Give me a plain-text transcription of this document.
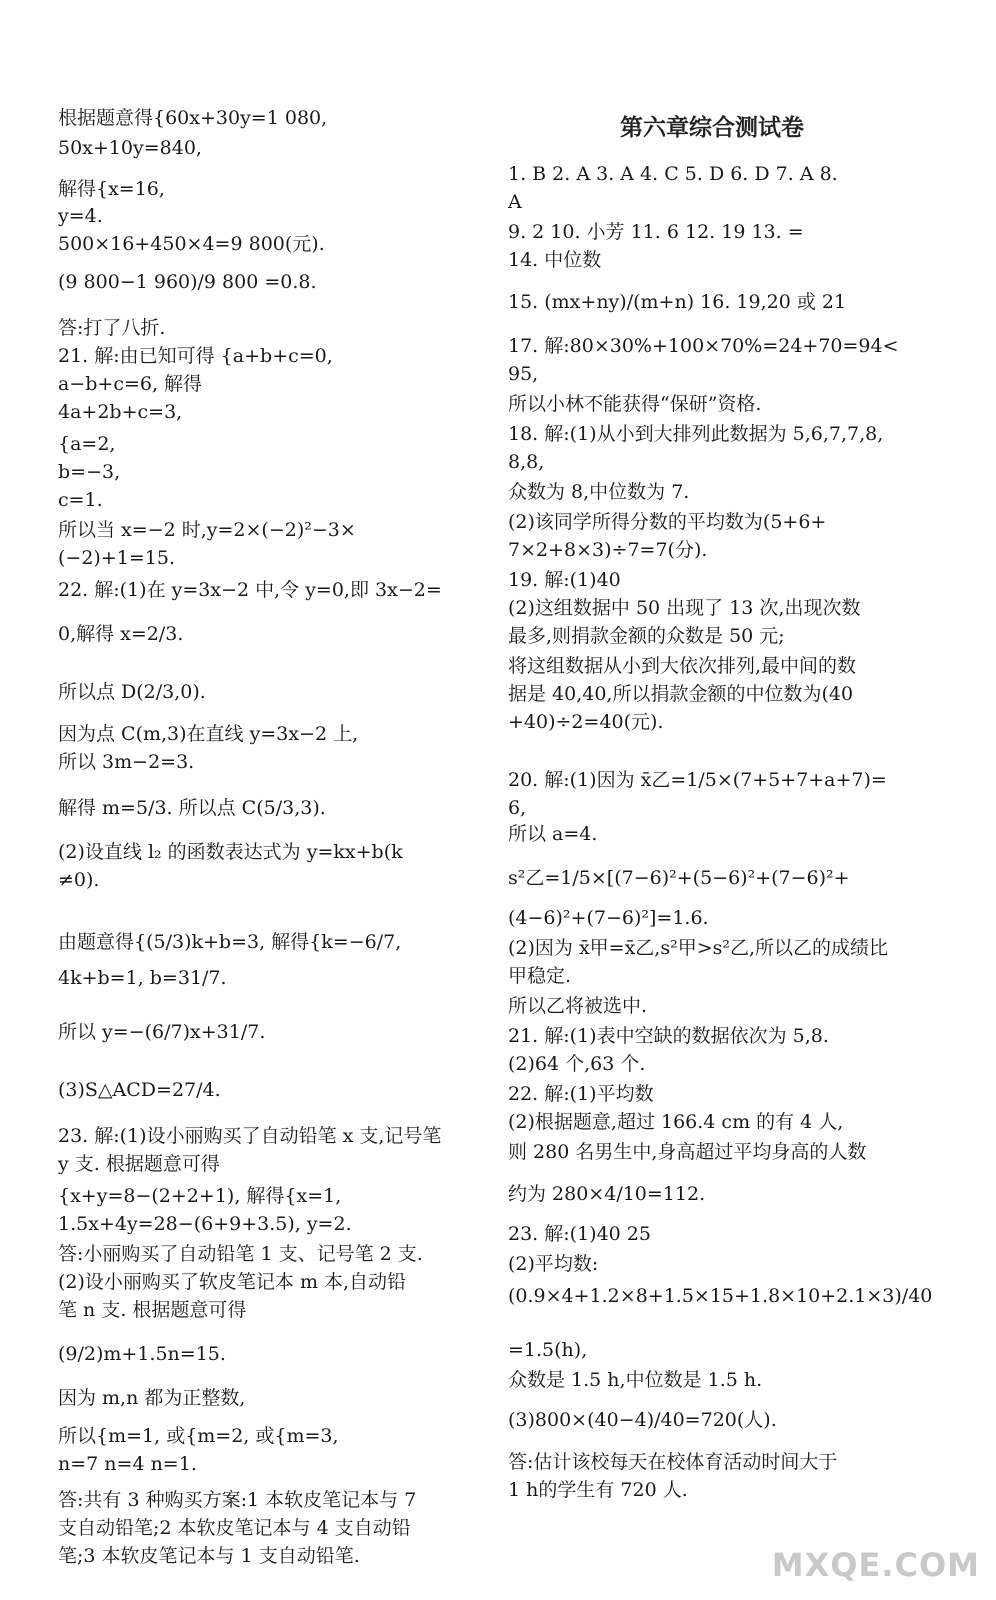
根据题意得{60x+30y=1 080,
50x+10y=840,
解得{x=16,
y=4.
500×16+450×4=9 800(元).
(9 800−1 960)/9 800 =0.8.
答:打了八折.
21. 解:由已知可得 {a+b+c=0,
a−b+c=6, 解得
4a+2b+c=3,
{a=2,
b=−3,
c=1.
所以当 x=−2 时,y=2×(−2)²−3×
(−2)+1=15.
22. 解:(1)在 y=3x−2 中,令 y=0,即 3x−2=
0,解得 x=2/3.
所以点 D(2/3,0).
因为点 C(m,3)在直线 y=3x−2 上,
所以 3m−2=3.
解得 m=5/3. 所以点 C(5/3,3).
(2)设直线 l₂ 的函数表达式为 y=kx+b(k
≠0).
由题意得{(5/3)k+b=3, 解得{k=−6/7,
4k+b=1, b=31/7.
所以 y=−(6/7)x+31/7.
(3)S△ACD=27/4.
23. 解:(1)设小丽购买了自动铅笔 x 支,记号笔
y 支. 根据题意可得
{x+y=8−(2+2+1), 解得{x=1,
1.5x+4y=28−(6+9+3.5), y=2.
答:小丽购买了自动铅笔 1 支、记号笔 2 支.
(2)设小丽购买了软皮笔记本 m 本,自动铅
笔 n 支. 根据题意可得
(9/2)m+1.5n=15.
因为 m,n 都为正整数,
所以{m=1, 或{m=2, 或{m=3,
n=7 n=4 n=1.
答:共有 3 种购买方案:1 本软皮笔记本与 7
支自动铅笔;2 本软皮笔记本与 4 支自动铅
笔;3 本软皮笔记本与 1 支自动铅笔.
第六章综合测试卷
1. B 2. A 3. A 4. C 5. D 6. D 7. A 8.
A
9. 2 10. 小芳 11. 6 12. 19 13. =
14. 中位数
15. (mx+ny)/(m+n) 16. 19,20 或 21
17. 解:80×30%+100×70%=24+70=94<
95,
所以小林不能获得“保研”资格.
18. 解:(1)从小到大排列此数据为 5,6,7,7,8,
8,8,
众数为 8,中位数为 7.
(2)该同学所得分数的平均数为(5+6+
7×2+8×3)÷7=7(分).
19. 解:(1)40
(2)这组数据中 50 出现了 13 次,出现次数
最多,则捐款金额的众数是 50 元;
将这组数据从小到大依次排列,最中间的数
据是 40,40,所以捐款金额的中位数为(40
+40)÷2=40(元).
20. 解:(1)因为 x̄乙=1/5×(7+5+7+a+7)=
6,
所以 a=4.
s²乙=1/5×[(7−6)²+(5−6)²+(7−6)²+
(4−6)²+(7−6)²]=1.6.
(2)因为 x̄甲=x̄乙,s²甲>s²乙,所以乙的成绩比
甲稳定.
所以乙将被选中.
21. 解:(1)表中空缺的数据依次为 5,8.
(2)64 个,63 个.
22. 解:(1)平均数
(2)根据题意,超过 166.4 cm 的有 4 人,
则 280 名男生中,身高超过平均身高的人数
约为 280×4/10=112.
23. 解:(1)40 25
(2)平均数:
(0.9×4+1.2×8+1.5×15+1.8×10+2.1×3)/40
=1.5(h),
众数是 1.5 h,中位数是 1.5 h.
(3)800×(40−4)/40=720(人).
答:估计该校每天在校体育活动时间大于
1 h的学生有 720 人.
MXQE.COM
